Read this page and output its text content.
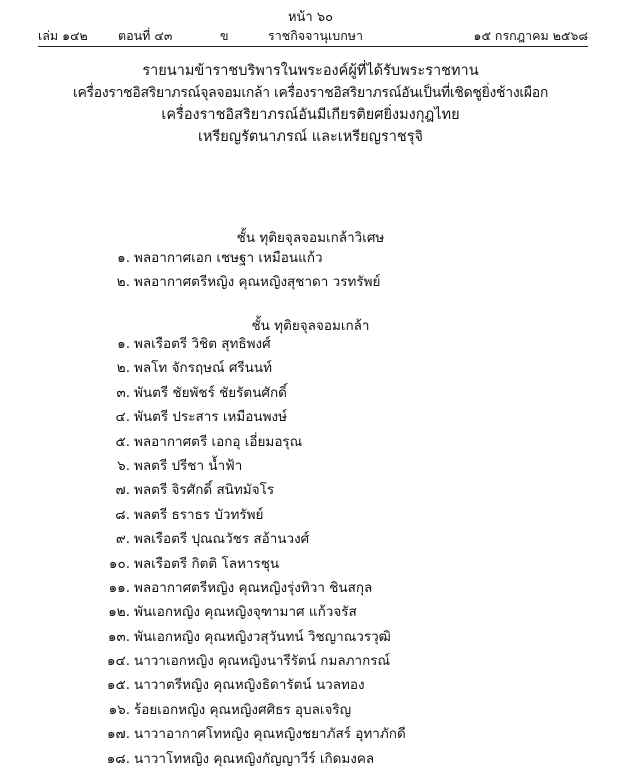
หน้า ๖๐
เล่ม ๑๔๒ ตอนที่ ๔๓	ข	ราชกิจจานุเบกษา	๑๕ กรกฎาคม ๒๕๖๘
รายนามข้าราชบริพารในพระองค์ผู้ที่ได้รับพระราชทาน
เครื่องราชอิสริยาภรณ์จุลจอมเกล้า เครื่องราชอิสริยาภรณ์อันเป็นที่เชิดชูยิ่งช้างเผือก
เครื่องราชอิสริยาภรณ์อันมีเกียรติยศยิ่งมงกุฎไทย
เหรียญรัตนาภรณ์ และเหรียญราชรุจิ
ชั้น ทุติยจุลจอมเกล้าวิเศษ
๑. พลอากาศเอก เชษฐา เหมือนแก้ว
๒. พลอากาศตรีหญิง คุณหญิงสุชาดา วรทรัพย์
ชั้น ทุติยจุลจอมเกล้า
๑. พลเรือตรี วิชิต สุทธิพงศ์
๒. พลโท จักรฤษณ์ ศรีนนท์
๓. พันตรี ชัยพัชร์ ชัยรัตนศักดิ์
๔. พันตรี ประสาร เหมือนพงษ์
๕. พลอากาศตรี เอกอุ เอี่ยมอรุณ
๖. พลตรี ปรีชา น้ำฟ้า
๗. พลตรี จิรศักดิ์ สนิทมัจโร
๘. พลตรี ธราธร บัวทรัพย์
๙. พลเรือตรี ปุณณวัชร สอ้านวงศ์
๑๐. พลเรือตรี กิตติ โลหารชุน
๑๑. พลอากาศตรีหญิง คุณหญิงรุ่งทิวา ชินสกุล
๑๒. พันเอกหญิง คุณหญิงจุฑามาศ แก้วจรัส
๑๓. พันเอกหญิง คุณหญิงวสุวันทน์ วิชญาณวรวุฒิ
๑๔. นาวาเอกหญิง คุณหญิงนารีรัตน์ กมลภากรณ์
๑๕. นาวาตรีหญิง คุณหญิงธิดารัตน์ นวลทอง
๑๖. ร้อยเอกหญิง คุณหญิงศศิธร อุบลเจริญ
๑๗. นาวาอากาศโทหญิง คุณหญิงชยาภัสร์ อุทาภักดี
๑๘. นาวาโทหญิง คุณหญิงกัญญาวีร์ เกิดมงคล
